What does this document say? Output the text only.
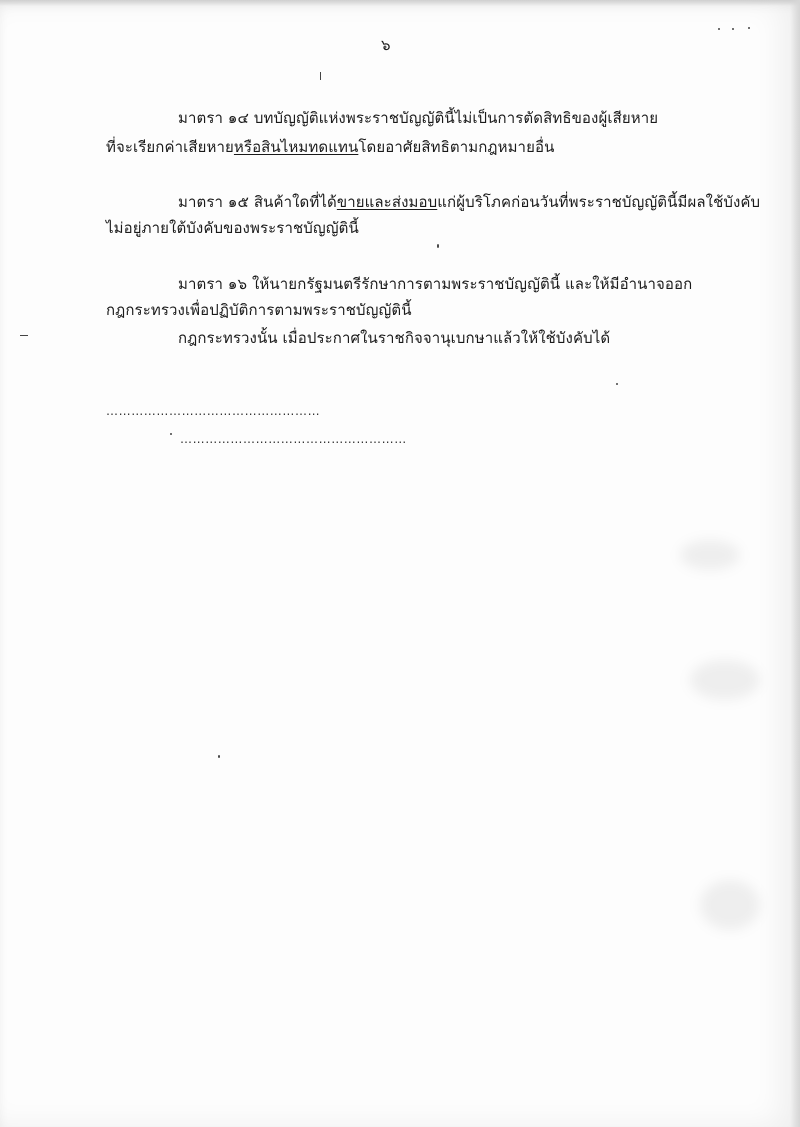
๖
มาตรา ๑๔ บทบัญญัติแห่งพระราชบัญญัตินี้ไม่เป็นการตัดสิทธิของผู้เสียหาย
ที่จะเรียกค่าเสียหายหรือสินไหมทดแทนโดยอาศัยสิทธิตามกฎหมายอื่น
มาตรา ๑๕ สินค้าใดที่ได้ขายและส่งมอบแก่ผู้บริโภคก่อนวันที่พระราชบัญญัตินี้มีผลใช้บังคับ
ไม่อยู่ภายใต้บังคับของพระราชบัญญัตินี้
มาตรา ๑๖ ให้นายกรัฐมนตรีรักษาการตามพระราชบัญญัตินี้ และให้มีอำนาจออก
กฎกระทรวงเพื่อปฏิบัติการตามพระราชบัญญัตินี้
กฎกระทรวงนั้น เมื่อประกาศในราชกิจจานุเบกษาแล้วให้ใช้บังคับได้
……………………………………………
………………………………………………
